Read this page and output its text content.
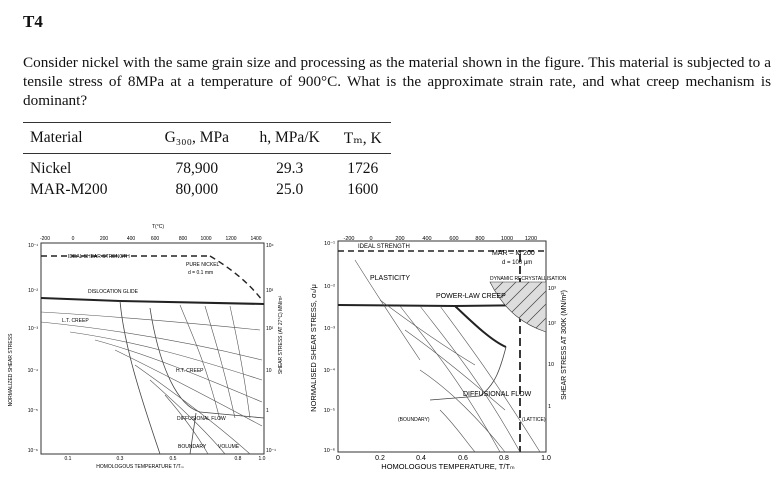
T4

Consider nickel with the same grain size and processing as the material shown in the figure. This material is subjected to a tensile stress of 8MPa at a temperature of 900°C. What is the approximate strain rate, and what creep mechanism is dominant?

Material	G₃₀₀, MPa	h, MPa/K	Tₘ, K
Nickel	78,900	29.3	1726
MAR-M200	80,000	25.0	1600
T(°C)
-200	0	200	400	600	800	1000	1200	1400
IDEAL SHEAR STRENGTH
PURE NICKEL
d = 0.1 mm
DISLOCATION GLIDE
L.T. CREEP
H.T. CREEP
DIFFUSIONAL FLOW
BOUNDARY VOLUME
10⁻¹
10⁻²
10⁻³
10⁻⁴
10⁻⁵
10⁻⁶
10⁴
10³
10²
10
1
10⁻¹
0.1	0.3	0.5	0.8	1.0
HOMOLOGOUS TEMPERATURE T/Tₘ
NORMALIZED SHEAR STRESS	SHEAR STRESS (AT 27°C) MN/m²
-200	0	200	400	600	800	1000 1200
IDEAL STRENGTH
MAR – M 200
d = 100 μm
PLASTICITY	DYNAMIC RECRYSTALLISATION
POWER-LAW CREEP
DIFFUSIONAL FLOW
(BOUNDARY)	(LATTICE)
10⁻¹
10⁻²
10⁻³
10⁻⁴
10⁻⁵
10⁻⁶
10³
10²
10
1
0	0.2	0.4	0.6	0.8	1.0
HOMOLOGOUS TEMPERATURE, T/Tₘ
NORMALISED SHEAR STRESS, σₛ/μ	SHEAR STRESS AT 300K (MN/m²)
